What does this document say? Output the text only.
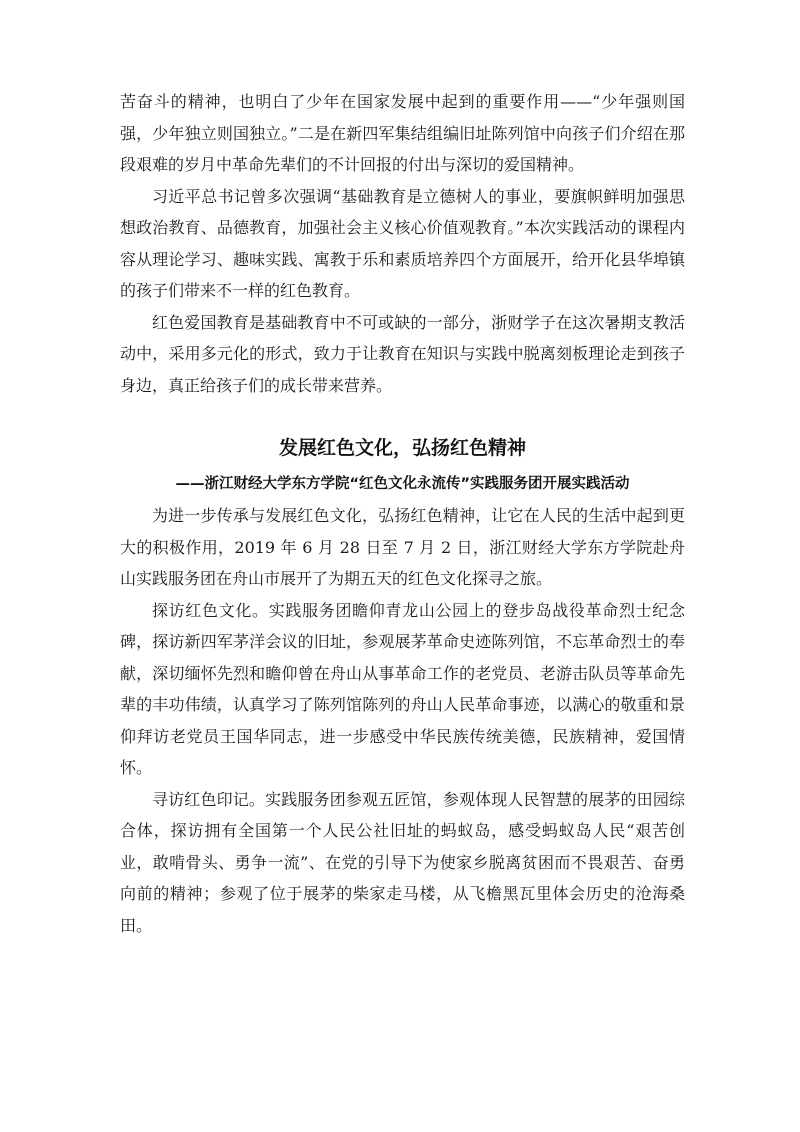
苦奋斗的精神，也明白了少年在国家发展中起到的重要作用——“少年强则国强，少年独立则国独立。”二是在新四军集结组编旧址陈列馆中向孩子们介绍在那段艰难的岁月中革命先辈们的不计回报的付出与深切的爱国精神。

习近平总书记曾多次强调“基础教育是立德树人的事业，要旗帜鲜明加强思想政治教育、品德教育，加强社会主义核心价值观教育。”本次实践活动的课程内容从理论学习、趣味实践、寓教于乐和素质培养四个方面展开，给开化县华埠镇的孩子们带来不一样的红色教育。

红色爱国教育是基础教育中不可或缺的一部分，浙财学子在这次暑期支教活动中，采用多元化的形式，致力于让教育在知识与实践中脱离刻板理论走到孩子身边，真正给孩子们的成长带来营养。

发展红色文化，弘扬红色精神
——浙江财经大学东方学院“红色文化永流传”实践服务团开展实践活动

为进一步传承与发展红色文化，弘扬红色精神，让它在人民的生活中起到更大的积极作用，2019 年 6 月 28 日至 7 月 2 日，浙江财经大学东方学院赴舟山实践服务团在舟山市展开了为期五天的红色文化探寻之旅。

探访红色文化。实践服务团瞻仰青龙山公园上的登步岛战役革命烈士纪念碑，探访新四军茅洋会议的旧址，参观展茅革命史迹陈列馆，不忘革命烈士的奉献，深切缅怀先烈和瞻仰曾在舟山从事革命工作的老党员、老游击队员等革命先辈的丰功伟绩，认真学习了陈列馆陈列的舟山人民革命事迹，以满心的敬重和景仰拜访老党员王国华同志，进一步感受中华民族传统美德，民族精神，爱国情怀。

寻访红色印记。实践服务团参观五匠馆，参观体现人民智慧的展茅的田园综合体，探访拥有全国第一个人民公社旧址的蚂蚁岛，感受蚂蚁岛人民“艰苦创业，敢啃骨头、勇争一流”、在党的引导下为使家乡脱离贫困而不畏艰苦、奋勇向前的精神；参观了位于展茅的柴家走马楼，从飞檐黑瓦里体会历史的沧海桑田。
